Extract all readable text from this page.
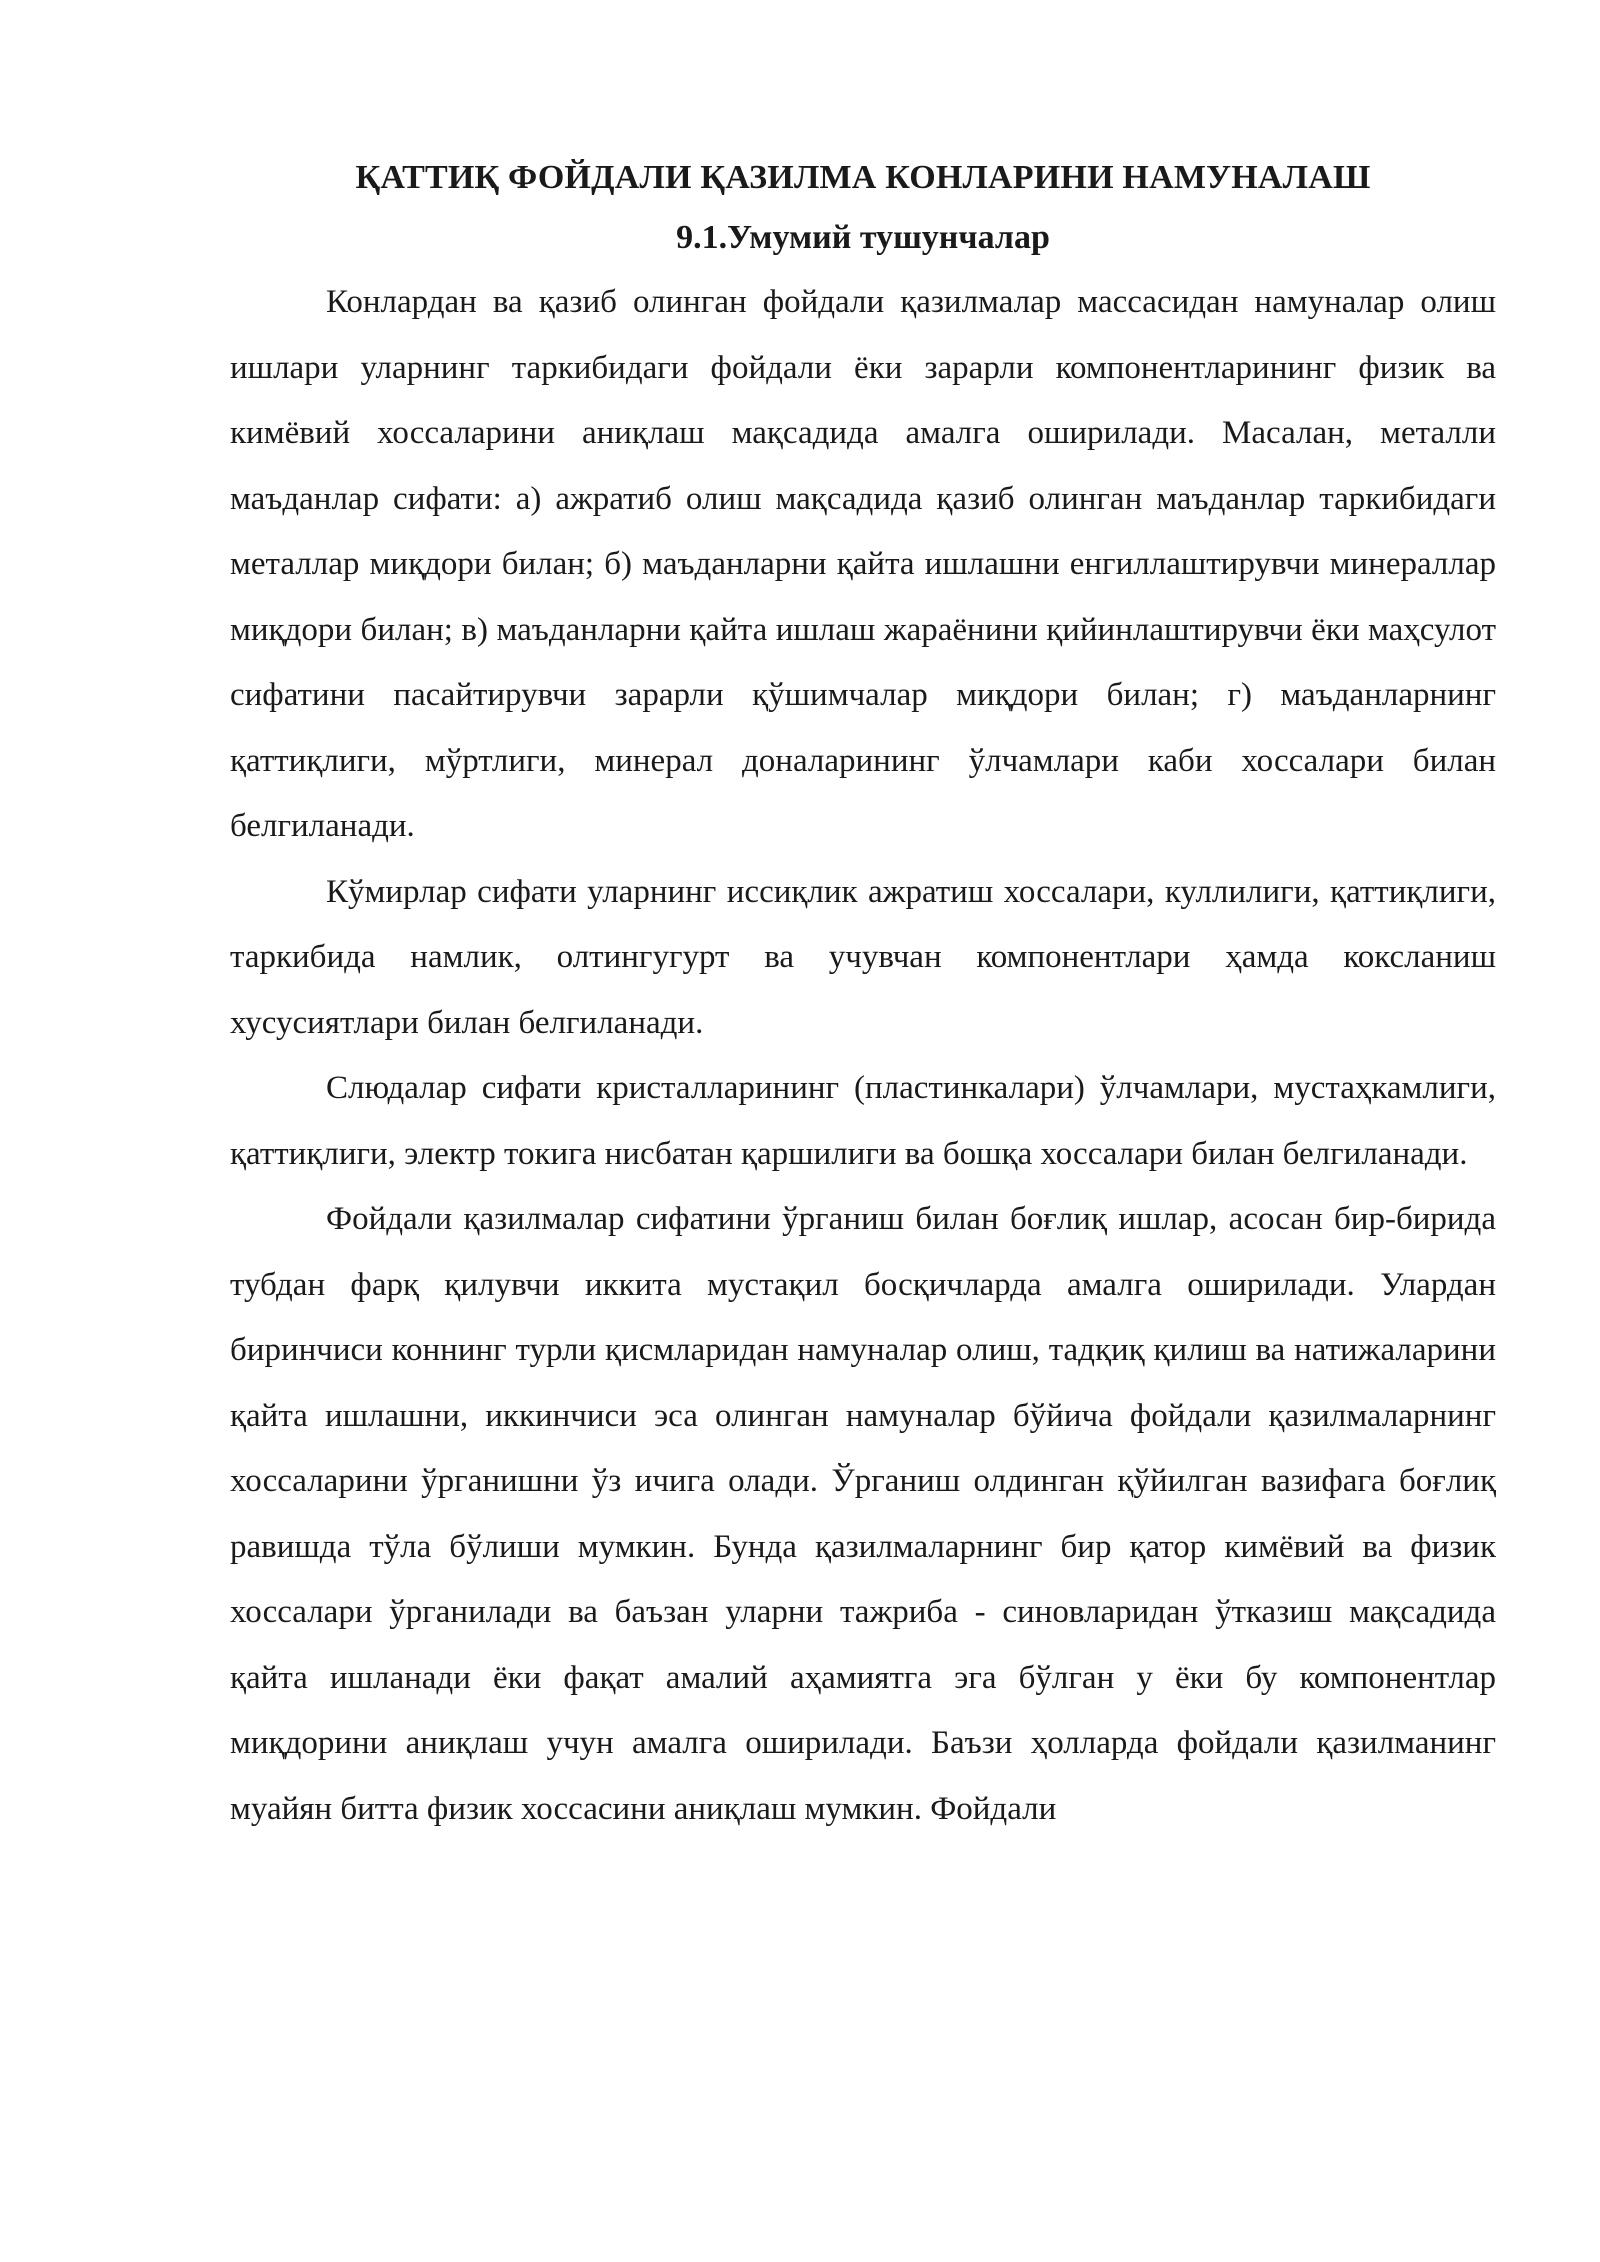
ҚАТТИҚ ФОЙДАЛИ ҚАЗИЛМА КОНЛАРИНИ НАМУНАЛАШ
9.1.Умумий тушунчалар

Конлардан ва қазиб олинган фойдали қазилмалар массасидан намуналар олиш ишлари уларнинг таркибидаги фойдали ёки зарарли компонентларининг физик ва кимёвий хоссаларини аниқлаш мақсадида амалга оширилади. Масалан, металли маъданлар сифати: а) ажратиб олиш мақсадида қазиб олинган маъданлар таркибидаги металлар миқдори билан; б) маъданларни қайта ишлашни енгиллаштирувчи минераллар миқдори билан; в) маъданларни қайта ишлаш жараёнини қийинлаштирувчи ёки маҳсулот сифатини пасайтирувчи зарарли қўшимчалар миқдори билан; г) маъданларнинг қаттиқлиги, мўртлиги, минерал доналарининг ўлчамлари каби хоссалари билан белгиланади.

Кўмирлар сифати уларнинг иссиқлик ажратиш хоссалари, куллилиги, қаттиқлиги, таркибида намлик, олтингугурт ва учувчан компонентлари ҳамда коксланиш хусусиятлари билан белгиланади.

Слюдалар сифати кристалларининг (пластинкалари) ўлчамлари, мустаҳкамлиги, қаттиқлиги, электр токига нисбатан қаршилиги ва бошқа хоссалари билан белгиланади.

Фойдали қазилмалар сифатини ўрганиш билан боғлиқ ишлар, асосан бир-бирида тубдан фарқ қилувчи иккита мустақил босқичларда амалга оширилади. Улардан биринчиси коннинг турли қисмларидан намуналар олиш, тадқиқ қилиш ва натижаларини қайта ишлашни, иккинчиси эса олинган намуналар бўйича фойдали қазилмаларнинг хоссаларини ўрганишни ўз ичига олади. Ўрганиш олдинган қўйилган вазифага боғлиқ равишда тўла бўлиши мумкин. Бунда қазилмаларнинг бир қатор кимёвий ва физик хоссалари ўрганилади ва баъзан уларни тажриба - синовларидан ўтказиш мақсадида қайта ишланади ёки фақат амалий аҳамиятга эга бўлган у ёки бу компонентлар миқдорини аниқлаш учун амалга оширилади. Баъзи ҳолларда фойдали қазилманинг муайян битта физик хоссасини аниқлаш мумкин. Фойдали
